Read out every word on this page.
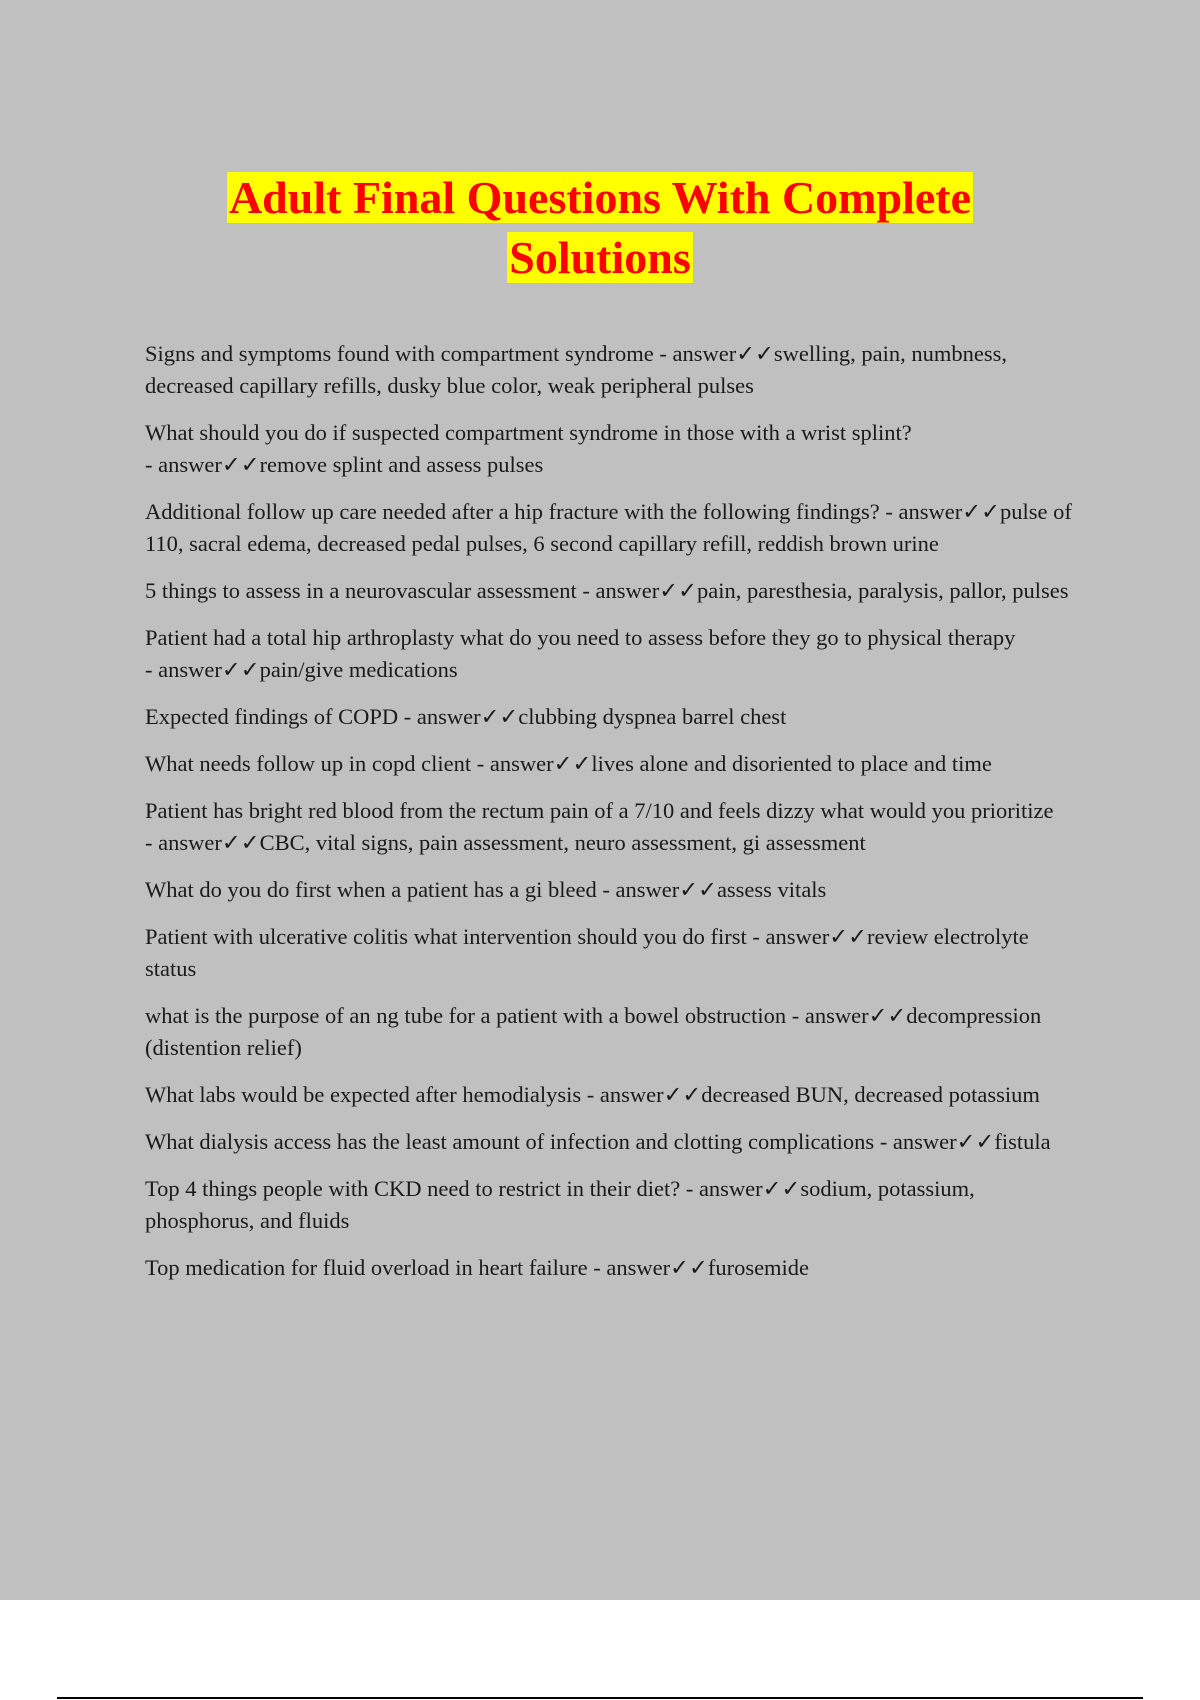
Adult Final Questions With Complete
Solutions
Signs and symptoms found with compartment syndrome - answer✓✓swelling, pain, numbness, decreased capillary refills, dusky blue color, weak peripheral pulses
What should you do if suspected compartment syndrome in those with a wrist splint? - answer✓✓remove splint and assess pulses
Additional follow up care needed after a hip fracture with the following findings? - answer✓✓pulse of 110, sacral edema, decreased pedal pulses, 6 second capillary refill, reddish brown urine
5 things to assess in a neurovascular assessment - answer✓✓pain, paresthesia, paralysis, pallor, pulses
Patient had a total hip arthroplasty what do you need to assess before they go to physical therapy - answer✓✓pain/give medications
Expected findings of COPD - answer✓✓clubbing dyspnea barrel chest
What needs follow up in copd client - answer✓✓lives alone and disoriented to place and time
Patient has bright red blood from the rectum pain of a 7/10 and feels dizzy what would you prioritize - answer✓✓CBC, vital signs, pain assessment, neuro assessment, gi assessment
What do you do first when a patient has a gi bleed - answer✓✓assess vitals
Patient with ulcerative colitis what intervention should you do first - answer✓✓review electrolyte status
what is the purpose of an ng tube for a patient with a bowel obstruction - answer✓✓decompression (distention relief)
What labs would be expected after hemodialysis - answer✓✓decreased BUN, decreased potassium
What dialysis access has the least amount of infection and clotting complications - answer✓✓fistula
Top 4 things people with CKD need to restrict in their diet? - answer✓✓sodium, potassium, phosphorus, and fluids
Top medication for fluid overload in heart failure - answer✓✓furosemide
